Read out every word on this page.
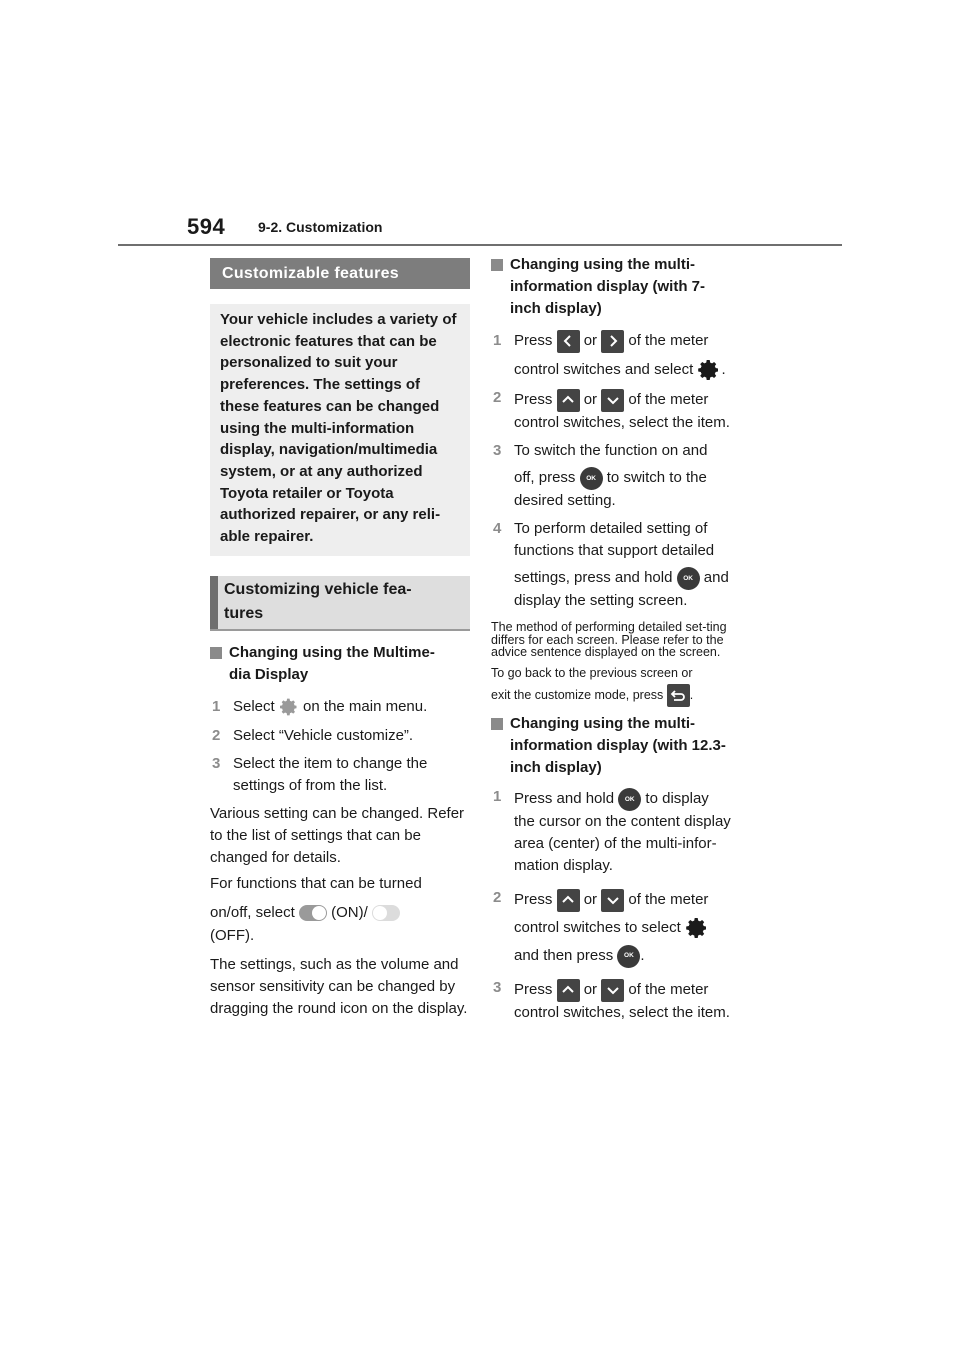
594 9-2. Customization
Customizable features
Your vehicle includes a variety of electronic features that can be personalized to suit your preferences. The settings of these features can be changed using the multi-information display, navigation/multimedia system, or at any authorized Toyota retailer or Toyota authorized repairer, or any reli-able repairer.
Customizing vehicle fea-
tures
Changing using the Multime-
dia Display
1 Select on the main menu.
2 Select “Vehicle customize”.
3 Select the item to change the
settings of from the list.
Various setting can be changed. Refer to the list of settings that can be changed for details.
For functions that can be turned
on/off, select (ON)/
(OFF).
The settings, such as the volume and sensor sensitivity can be changed by dragging the round icon on the display.
Changing using the multi-
information display (with 7-
inch display)
1 Press or of the meter
control switches and select .
2 Press or of the meter
control switches, select the item.
3 To switch the function on and
off, press OK to switch to the
desired setting.
4 To perform detailed setting of
functions that support detailed
settings, press and hold OK and
display the setting screen.
The method of performing detailed set-ting differs for each screen. Please refer to the advice sentence displayed on the screen.
To go back to the previous screen or
exit the customize mode, press .
Changing using the multi-
information display (with 12.3-
inch display)
1 Press and hold OK to display
the cursor on the content display
area (center) of the multi-infor-
mation display.
2 Press or of the meter
control switches to select
and then press OK .
3 Press or of the meter
control switches, select the item.
